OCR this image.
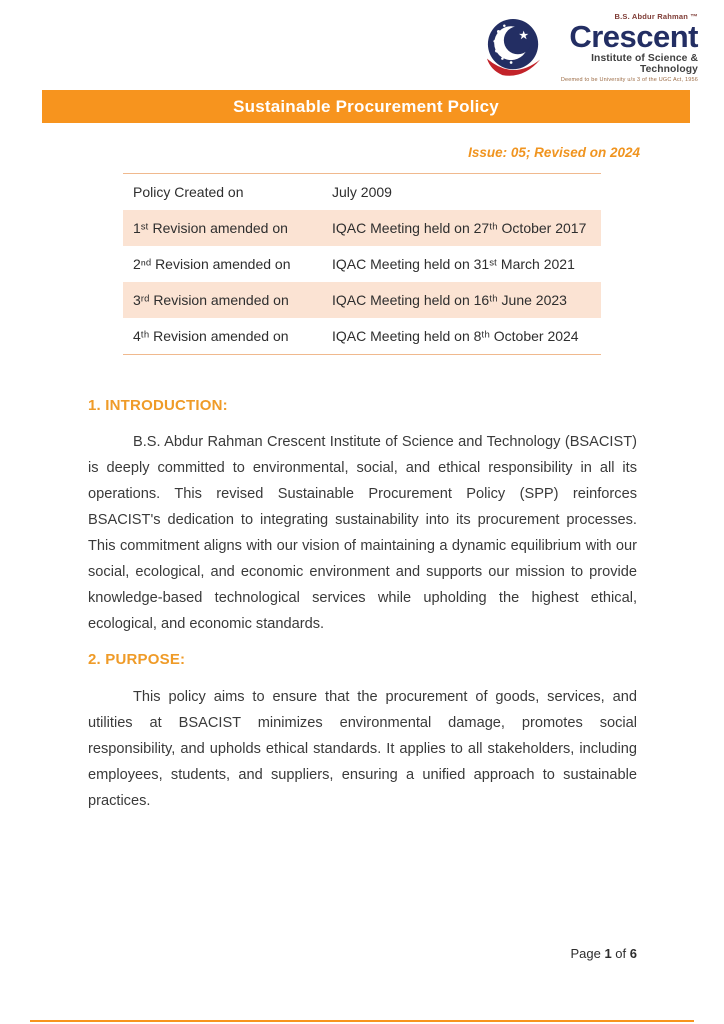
B.S. Abdur Rahman ™
Crescent
Institute of Science & Technology
Deemed to be University u/s 3 of the UGC Act, 1956
Sustainable Procurement Policy
Issue: 05; Revised on 2024
Policy Created on	July 2009
1ˢᵗ Revision amended on	IQAC Meeting held on 27ᵗʰ October 2017
2ⁿᵈ Revision amended on	IQAC Meeting held on 31ˢᵗ March 2021
3ʳᵈ Revision amended on	IQAC Meeting held on 16ᵗʰ June 2023
4ᵗʰ Revision amended on	IQAC Meeting held on 8ᵗʰ October 2024
1. INTRODUCTION:
B.S. Abdur Rahman Crescent Institute of Science and Technology (BSACIST) is deeply committed to environmental, social, and ethical responsibility in all its operations. This revised Sustainable Procurement Policy (SPP) reinforces BSACIST's dedication to integrating sustainability into its procurement processes. This commitment aligns with our vision of maintaining a dynamic equilibrium with our social, ecological, and economic environment and supports our mission to provide knowledge-based technological services while upholding the highest ethical, ecological, and economic standards.
2. PURPOSE:
This policy aims to ensure that the procurement of goods, services, and utilities at BSACIST minimizes environmental damage, promotes social responsibility, and upholds ethical standards. It applies to all stakeholders, including employees, students, and suppliers, ensuring a unified approach to sustainable practices.
Page 1 of 6
